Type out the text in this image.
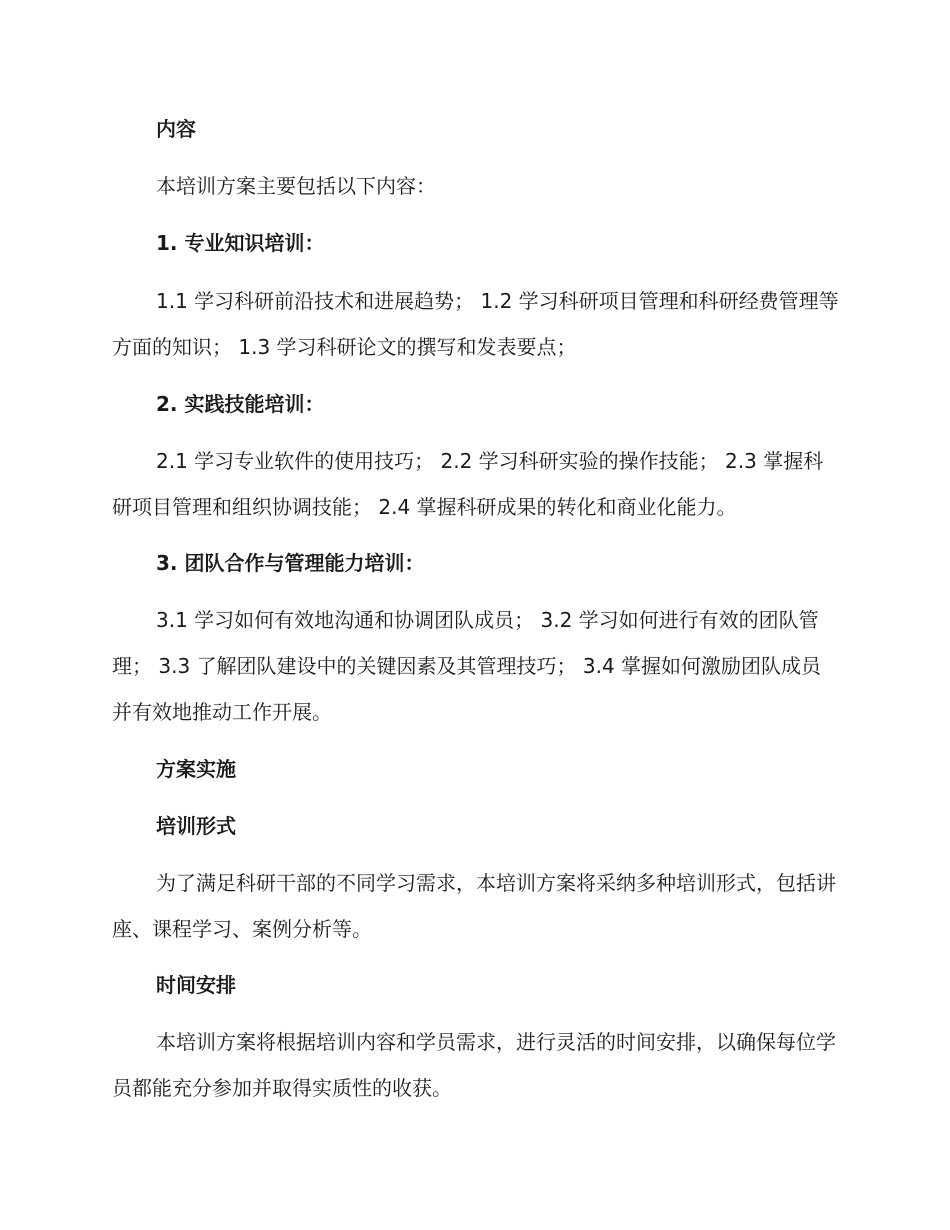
内容

本培训方案主要包括以下内容：

1. 专业知识培训：

1.1 学习科研前沿技术和进展趋势； 1.2 学习科研项目管理和科研经费管理等方面的知识； 1.3 学习科研论文的撰写和发表要点；

2. 实践技能培训：

2.1 学习专业软件的使用技巧； 2.2 学习科研实验的操作技能； 2.3 掌握科研项目管理和组织协调技能； 2.4 掌握科研成果的转化和商业化能力。

3. 团队合作与管理能力培训：

3.1 学习如何有效地沟通和协调团队成员； 3.2 学习如何进行有效的团队管理； 3.3 了解团队建设中的关键因素及其管理技巧； 3.4 掌握如何激励团队成员并有效地推动工作开展。

方案实施

培训形式

为了满足科研干部的不同学习需求，本培训方案将采纳多种培训形式，包括讲座、课程学习、案例分析等。

时间安排

本培训方案将根据培训内容和学员需求，进行灵活的时间安排，以确保每位学员都能充分参加并取得实质性的收获。
